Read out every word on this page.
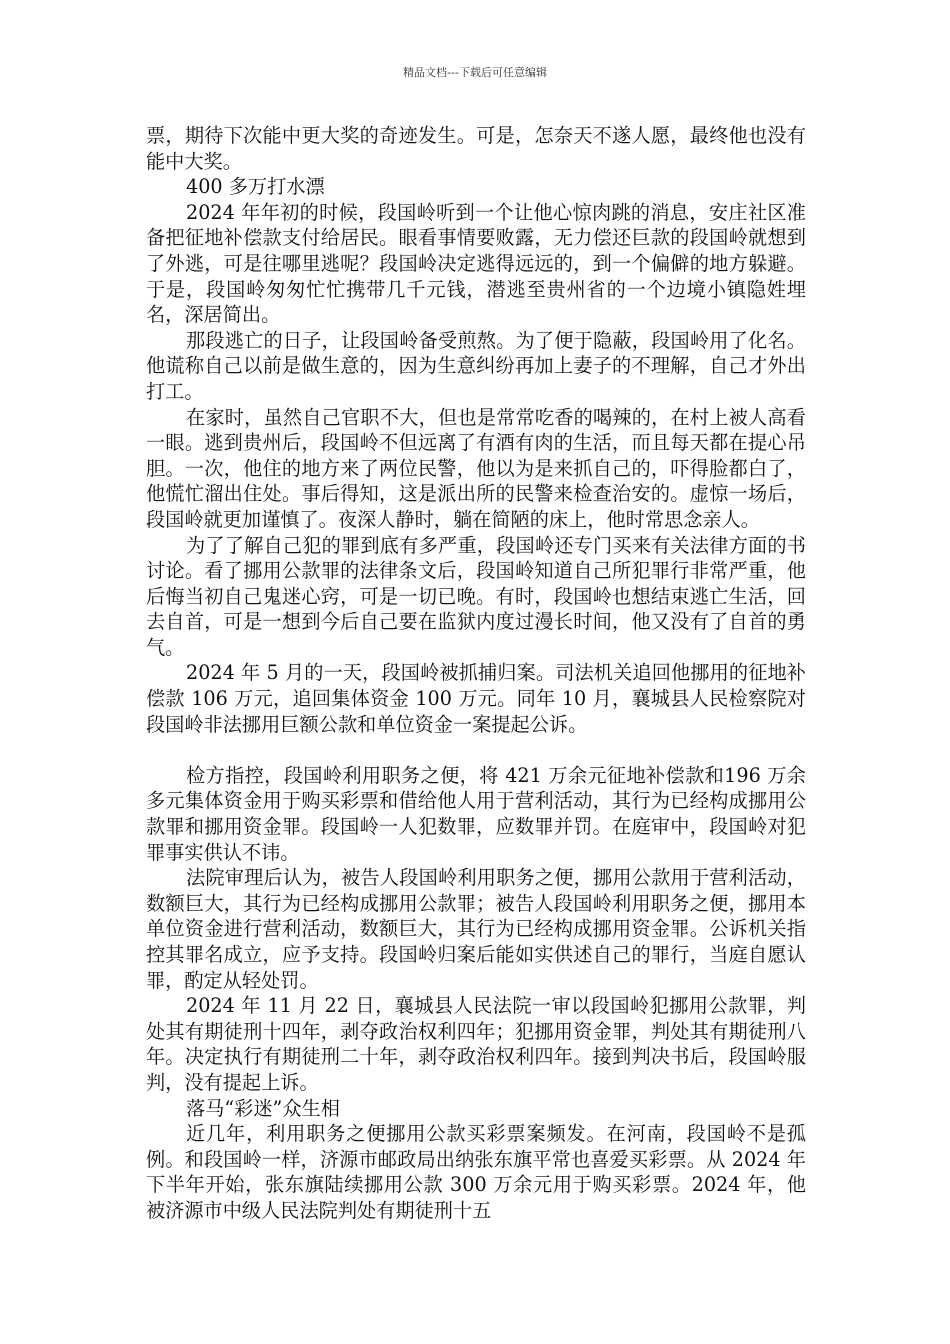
精品文档---下载后可任意编辑

票，期待下次能中更大奖的奇迹发生。可是，怎奈天不遂人愿，最终他也没有能中大奖。

400 多万打水漂

2024 年年初的时候，段国岭听到一个让他心惊肉跳的消息，安庄社区准备把征地补偿款支付给居民。眼看事情要败露，无力偿还巨款的段国岭就想到了外逃，可是往哪里逃呢？段国岭决定逃得远远的，到一个偏僻的地方躲避。于是，段国岭匆匆忙忙携带几千元钱，潜逃至贵州省的一个边境小镇隐姓埋名，深居简出。

那段逃亡的日子，让段国岭备受煎熬。为了便于隐蔽，段国岭用了化名。他谎称自己以前是做生意的，因为生意纠纷再加上妻子的不理解，自己才外出打工。

在家时，虽然自己官职不大，但也是常常吃香的喝辣的，在村上被人高看一眼。逃到贵州后，段国岭不但远离了有酒有肉的生活，而且每天都在提心吊胆。一次，他住的地方来了两位民警，他以为是来抓自己的，吓得脸都白了，他慌忙溜出住处。事后得知，这是派出所的民警来检查治安的。虚惊一场后，段国岭就更加谨慎了。夜深人静时，躺在简陋的床上，他时常思念亲人。

为了了解自己犯的罪到底有多严重，段国岭还专门买来有关法律方面的书讨论。看了挪用公款罪的法律条文后，段国岭知道自己所犯罪行非常严重，他后悔当初自己鬼迷心窍，可是一切已晚。有时，段国岭也想结束逃亡生活，回去自首，可是一想到今后自己要在监狱内度过漫长时间，他又没有了自首的勇气。

2024 年 5 月的一天，段国岭被抓捕归案。司法机关追回他挪用的征地补偿款 106 万元，追回集体资金 100 万元。同年 10 月，襄城县人民检察院对段国岭非法挪用巨额公款和单位资金一案提起公诉。

检方指控，段国岭利用职务之便，将 421 万余元征地补偿款和196 万余多元集体资金用于购买彩票和借给他人用于营利活动，其行为已经构成挪用公款罪和挪用资金罪。段国岭一人犯数罪，应数罪并罚。在庭审中，段国岭对犯罪事实供认不讳。

法院审理后认为，被告人段国岭利用职务之便，挪用公款用于营利活动，数额巨大，其行为已经构成挪用公款罪；被告人段国岭利用职务之便，挪用本单位资金进行营利活动，数额巨大，其行为已经构成挪用资金罪。公诉机关指控其罪名成立，应予支持。段国岭归案后能如实供述自己的罪行，当庭自愿认罪，酌定从轻处罚。

2024 年 11 月 22 日，襄城县人民法院一审以段国岭犯挪用公款罪，判处其有期徒刑十四年，剥夺政治权利四年；犯挪用资金罪，判处其有期徒刑八年。决定执行有期徒刑二十年，剥夺政治权利四年。接到判决书后，段国岭服判，没有提起上诉。

落马“彩迷”众生相

近几年，利用职务之便挪用公款买彩票案频发。在河南，段国岭不是孤例。和段国岭一样，济源市邮政局出纳张东旗平常也喜爱买彩票。从 2024 年下半年开始，张东旗陆续挪用公款 300 万余元用于购买彩票。2024 年，他被济源市中级人民法院判处有期徒刑十五
